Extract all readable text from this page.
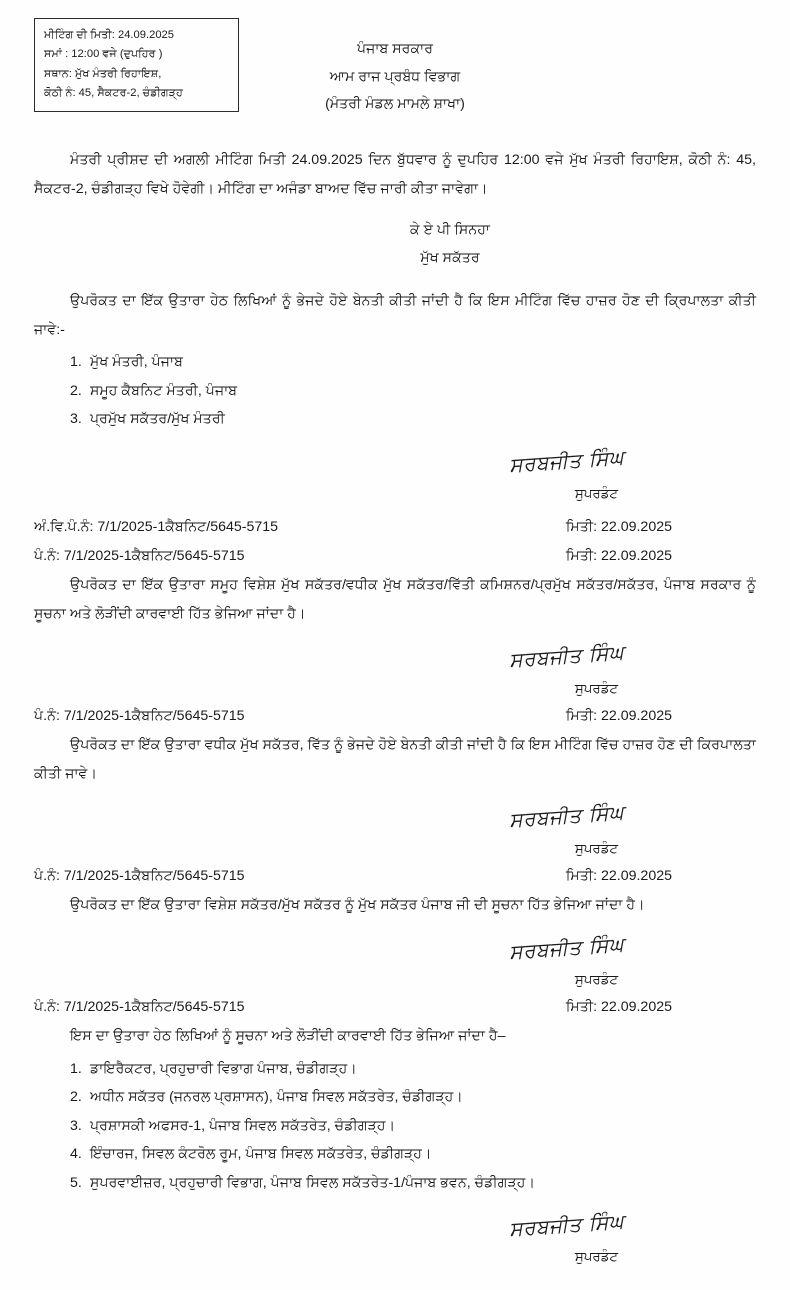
ਮੀਟਿੰਗ ਦੀ ਮਿਤੀ: 24.09.2025
ਸਮਾਂ : 12:00 ਵਜੇ (ਦੁਪਹਿਰ )
ਸਥਾਨ: ਮੁੱਖ ਮੰਤਰੀ ਰਿਹਾਇਸ਼,
ਕੋਠੀ ਨੰ: 45, ਸੈਕਟਰ-2, ਚੰਡੀਗੜ੍ਹ
ਪੰਜਾਬ ਸਰਕਾਰ
ਆਮ ਰਾਜ ਪ੍ਰਬੰਧ ਵਿਭਾਗ
(ਮੰਤਰੀ ਮੰਡਲ ਮਾਮਲੇ ਸ਼ਾਖਾ)

ਮੰਤਰੀ ਪ੍ਰੀਸ਼ਦ ਦੀ ਅਗਲੀ ਮੀਟਿੰਗ ਮਿਤੀ 24.09.2025 ਦਿਨ ਬੁੱਧਵਾਰ ਨੂੰ ਦੁਪਹਿਰ 12:00 ਵਜੇ ਮੁੱਖ ਮੰਤਰੀ ਰਿਹਾਇਸ਼, ਕੋਠੀ ਨੰ: 45, ਸੈਕਟਰ-2, ਚੰਡੀਗੜ੍ਹ ਵਿਖੇ ਹੋਵੇਗੀ। ਮੀਟਿੰਗ ਦਾ ਅਜੰਡਾ ਬਾਅਦ ਵਿੱਚ ਜਾਰੀ ਕੀਤਾ ਜਾਵੇਗਾ।

ਕੇ ਏ ਪੀ ਸਿਨਹਾ
ਮੁੱਖ ਸਕੱਤਰ

ਉਪਰੋਕਤ ਦਾ ਇੱਕ ਉਤਾਰਾ ਹੇਠ ਲਿਖਿਆਂ ਨੂੰ ਭੇਜਦੇ ਹੋਏ ਬੇਨਤੀ ਕੀਤੀ ਜਾਂਦੀ ਹੈ ਕਿ ਇਸ ਮੀਟਿੰਗ ਵਿੱਚ ਹਾਜ਼ਰ ਹੋਣ ਦੀ ਕ੍ਰਿਪਾਲਤਾ ਕੀਤੀ ਜਾਵੇ:-

1. ਮੁੱਖ ਮੰਤਰੀ, ਪੰਜਾਬ
2. ਸਮੂਹ ਕੈਬਨਿਟ ਮੰਤਰੀ, ਪੰਜਾਬ
3. ਪ੍ਰਮੁੱਖ ਸਕੱਤਰ/ਮੁੱਖ ਮੰਤਰੀ
ਸਰਬਜੀਤ ਸਿੰਘ
ਸੁਪਰਡੰਟ
ਅੰ.ਵਿ.ਪੰ.ਨੰ: 7/1/2025-1ਕੈਬਨਿਟ/5645-5715	ਮਿਤੀ: 22.09.2025
ਪੰ.ਨੰ: 7/1/2025-1ਕੈਬਨਿਟ/5645-5715	ਮਿਤੀ: 22.09.2025

ਉਪਰੋਕਤ ਦਾ ਇੱਕ ਉਤਾਰਾ ਸਮੂਹ ਵਿਸ਼ੇਸ਼ ਮੁੱਖ ਸਕੱਤਰ/ਵਧੀਕ ਮੁੱਖ ਸਕੱਤਰ/ਵਿੱਤੀ ਕਮਿਸ਼ਨਰ/ਪ੍ਰਮੁੱਖ ਸਕੱਤਰ/ਸਕੱਤਰ, ਪੰਜਾਬ ਸਰਕਾਰ ਨੂੰ ਸੂਚਨਾ ਅਤੇ ਲੋੜੀਂਦੀ ਕਾਰਵਾਈ ਹਿੱਤ ਭੇਜਿਆ ਜਾਂਦਾ ਹੈ।

ਸਰਬਜੀਤ ਸਿੰਘ
ਸੁਪਰਡੰਟ
ਪੰ.ਨੰ: 7/1/2025-1ਕੈਬਨਿਟ/5645-5715	ਮਿਤੀ: 22.09.2025

ਉਪਰੋਕਤ ਦਾ ਇੱਕ ਉਤਾਰਾ ਵਧੀਕ ਮੁੱਖ ਸਕੱਤਰ, ਵਿੱਤ ਨੂੰ ਭੇਜਦੇ ਹੋਏ ਬੇਨਤੀ ਕੀਤੀ ਜਾਂਦੀ ਹੈ ਕਿ ਇਸ ਮੀਟਿੰਗ ਵਿੱਚ ਹਾਜ਼ਰ ਹੋਣ ਦੀ ਕਿਰਪਾਲਤਾ ਕੀਤੀ ਜਾਵੇ।

ਸਰਬਜੀਤ ਸਿੰਘ
ਸੁਪਰਡੰਟ
ਪੰ.ਨੰ: 7/1/2025-1ਕੈਬਨਿਟ/5645-5715	ਮਿਤੀ: 22.09.2025

ਉਪਰੋਕਤ ਦਾ ਇੱਕ ਉਤਾਰਾ ਵਿਸ਼ੇਸ਼ ਸਕੱਤਰ/ਮੁੱਖ ਸਕੱਤਰ ਨੂੰ ਮੁੱਖ ਸਕੱਤਰ ਪੰਜਾਬ ਜੀ ਦੀ ਸੂਚਨਾ ਹਿੱਤ ਭੇਜਿਆ ਜਾਂਦਾ ਹੈ।

ਸਰਬਜੀਤ ਸਿੰਘ
ਸੁਪਰਡੰਟ
ਪੰ.ਨੰ: 7/1/2025-1ਕੈਬਨਿਟ/5645-5715	ਮਿਤੀ: 22.09.2025

ਇਸ ਦਾ ਉਤਾਰਾ ਹੇਠ ਲਿਖਿਆਂ ਨੂੰ ਸੂਚਨਾ ਅਤੇ ਲੋੜੀਂਦੀ ਕਾਰਵਾਈ ਹਿੱਤ ਭੇਜਿਆ ਜਾਂਦਾ ਹੈ–

1. ਡਾਇਰੈਕਟਰ, ਪ੍ਰਹੁਚਾਰੀ ਵਿਭਾਗ ਪੰਜਾਬ, ਚੰਡੀਗੜ੍ਹ।
2. ਅਧੀਨ ਸਕੱਤਰ (ਜਨਰਲ ਪ੍ਰਸ਼ਾਸਨ), ਪੰਜਾਬ ਸਿਵਲ ਸਕੱਤਰੇਤ, ਚੰਡੀਗੜ੍ਹ।
3. ਪ੍ਰਸ਼ਾਸਕੀ ਅਫਸਰ-1, ਪੰਜਾਬ ਸਿਵਲ ਸਕੱਤਰੇਤ, ਚੰਡੀਗੜ੍ਹ।
4. ਇੰਚਾਰਜ, ਸਿਵਲ ਕੰਟਰੋਲ ਰੂਮ, ਪੰਜਾਬ ਸਿਵਲ ਸਕੱਤਰੇਤ, ਚੰਡੀਗੜ੍ਹ।
5. ਸੁਪਰਵਾਈਜ਼ਰ, ਪ੍ਰਹੁਚਾਰੀ ਵਿਭਾਗ, ਪੰਜਾਬ ਸਿਵਲ ਸਕੱਤਰੇਤ-1/ਪੰਜਾਬ ਭਵਨ, ਚੰਡੀਗੜ੍ਹ।
ਸਰਬਜੀਤ ਸਿੰਘ
ਸੁਪਰਡੰਟ
